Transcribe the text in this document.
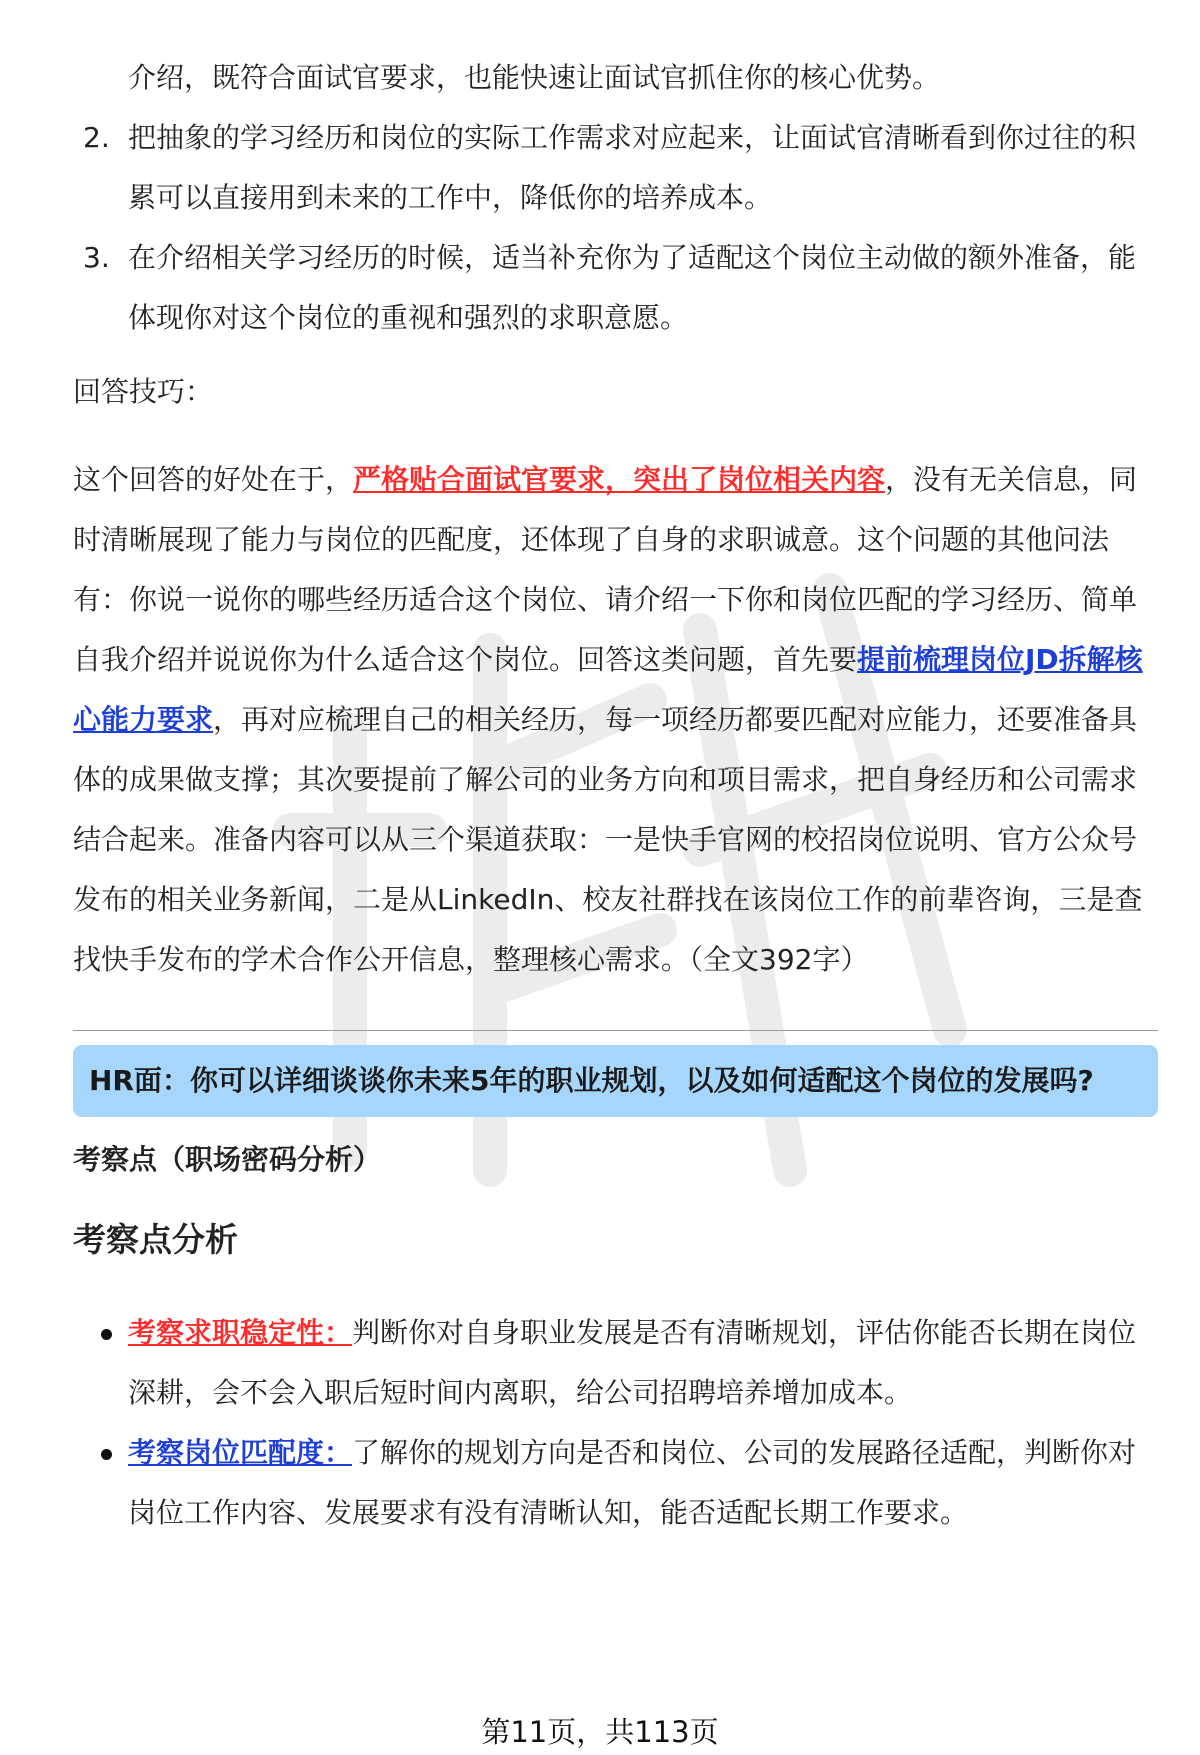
介绍，既符合面试官要求，也能快速让面试官抓住你的核心优势。

2. 把抽象的学习经历和岗位的实际工作需求对应起来，让面试官清晰看到你过往的积累可以直接用到未来的工作中，降低你的培养成本。
3. 在介绍相关学习经历的时候，适当补充你为了适配这个岗位主动做的额外准备，能体现你对这个岗位的重视和强烈的求职意愿。

回答技巧：

这个回答的好处在于，严格贴合面试官要求，突出了岗位相关内容，没有无关信息，同时清晰展现了能力与岗位的匹配度，还体现了自身的求职诚意。这个问题的其他问法有：你说一说你的哪些经历适合这个岗位、请介绍一下你和岗位匹配的学习经历、简单自我介绍并说说你为什么适合这个岗位。回答这类问题，首先要提前梳理岗位JD拆解核心能力要求，再对应梳理自己的相关经历，每一项经历都要匹配对应能力，还要准备具体的成果做支撑；其次要提前了解公司的业务方向和项目需求，把自身经历和公司需求结合起来。准备内容可以从三个渠道获取：一是快手官网的校招岗位说明、官方公众号发布的相关业务新闻，二是从LinkedIn、校友社群找在该岗位工作的前辈咨询，三是查找快手发布的学术合作公开信息，整理核心需求。（全文392字）

HR面：你可以详细谈谈你未来5年的职业规划，以及如何适配这个岗位的发展吗?
考察点（职场密码分析）
考察点分析
考察求职稳定性：判断你对自身职业发展是否有清晰规划，评估你能否长期在岗位深耕，会不会入职后短时间内离职，给公司招聘培养增加成本。
考察岗位匹配度：了解你的规划方向是否和岗位、公司的发展路径适配，判断你对岗位工作内容、发展要求有没有清晰认知，能否适配长期工作要求。
第11页，共113页
